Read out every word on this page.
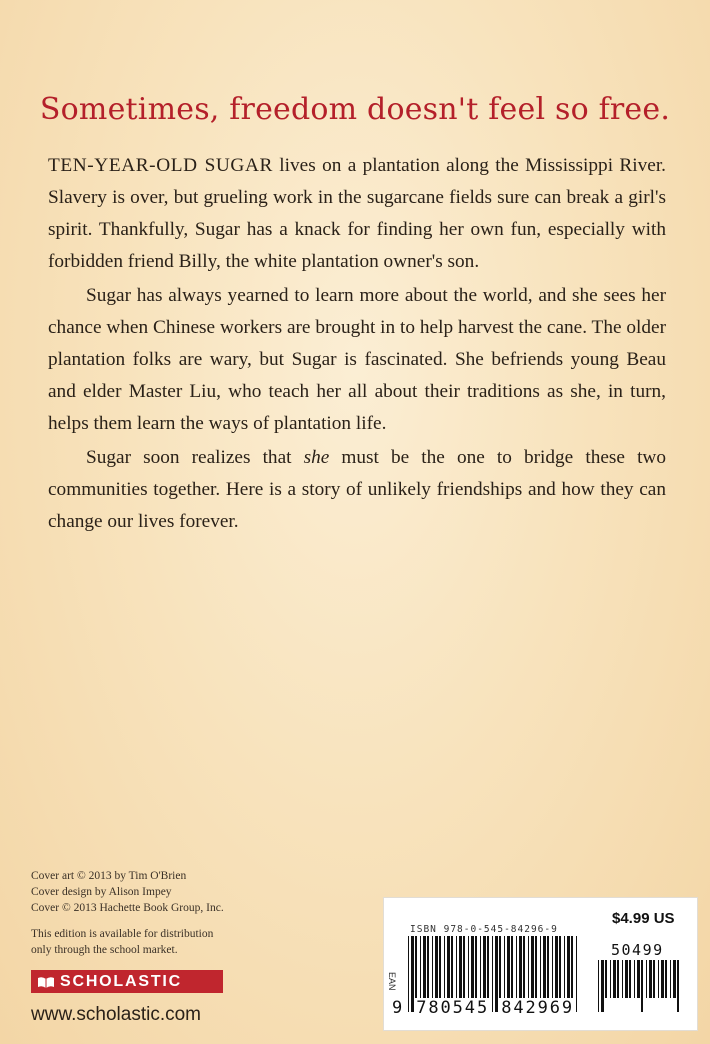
Sometimes, freedom doesn't feel so free.

TEN-YEAR-OLD SUGAR lives on a plantation along the Mississippi River. Slavery is over, but grueling work in the sugarcane fields sure can break a girl's spirit. Thankfully, Sugar has a knack for finding her own fun, especially with forbidden friend Billy, the white plantation owner's son.

Sugar has always yearned to learn more about the world, and she sees her chance when Chinese workers are brought in to help harvest the cane. The older plantation folks are wary, but Sugar is fascinated. She befriends young Beau and elder Master Liu, who teach her all about their traditions as she, in turn, helps them learn the ways of plantation life.

Sugar soon realizes that she must be the one to bridge these two communities together. Here is a story of unlikely friendships and how they can change our lives forever.

Cover art © 2013 by Tim O'Brien
Cover design by Alison Impey
Cover © 2013 Hachette Book Group, Inc.
This edition is available for distribution
only through the school market.
SCHOLASTIC
www.scholastic.com
ISBN 978-0-545-84296-9
$4.99 US
50499
EAN
9 780545 842969
